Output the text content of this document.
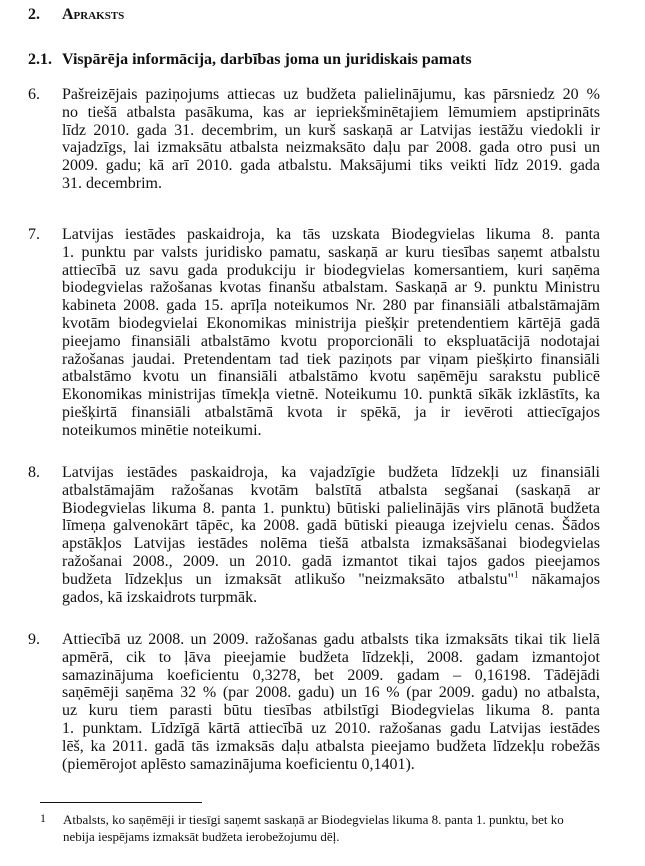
2. Apraksts
2.1. Vispārēja informācija, darbības joma un juridiskais pamats
6. Pašreizējais paziņojums attiecas uz budžeta palielinājumu, kas pārsniedz 20 %
no tiešā atbalsta pasākuma, kas ar iepriekšminētajiem lēmumiem apstiprināts
līdz 2010. gada 31. decembrim, un kurš saskaņā ar Latvijas iestāžu viedokli ir
vajadzīgs, lai izmaksātu atbalsta neizmaksāto daļu par 2008. gada otro pusi un
2009. gadu; kā arī 2010. gada atbalstu. Maksājumi tiks veikti līdz 2019. gada
31. decembrim.
7. Latvijas iestādes paskaidroja, ka tās uzskata Biodegvielas likuma 8. panta
1. punktu par valsts juridisko pamatu, saskaņā ar kuru tiesības saņemt atbalstu
attiecībā uz savu gada produkciju ir biodegvielas komersantiem, kuri saņēma
biodegvielas ražošanas kvotas finanšu atbalstam. Saskaņā ar 9. punktu Ministru
kabineta 2008. gada 15. aprīļa noteikumos Nr. 280 par finansiāli atbalstāmajām
kvotām biodegvielai Ekonomikas ministrija piešķir pretendentiem kārtējā gadā
pieejamo finansiāli atbalstāmo kvotu proporcionāli to ekspluatācijā nodotajai
ražošanas jaudai. Pretendentam tad tiek paziņots par viņam piešķirto finansiāli
atbalstāmo kvotu un finansiāli atbalstāmo kvotu saņēmēju sarakstu publicē
Ekonomikas ministrijas tīmekļa vietnē. Noteikumu 10. punktā sīkāk izklāstīts, ka
piešķirtā finansiāli atbalstāmā kvota ir spēkā, ja ir ievēroti attiecīgajos
noteikumos minētie noteikumi.
8. Latvijas iestādes paskaidroja, ka vajadzīgie budžeta līdzekļi uz finansiāli
atbalstāmajām ražošanas kvotām balstītā atbalsta segšanai (saskaņā ar
Biodegvielas likuma 8. panta 1. punktu) būtiski palielinājās virs plānotā budžeta
līmeņa galvenokārt tāpēc, ka 2008. gadā būtiski pieauga izejvielu cenas. Šādos
apstākļos Latvijas iestādes nolēma tiešā atbalsta izmaksāšanai biodegvielas
ražošanai 2008., 2009. un 2010. gadā izmantot tikai tajos gados pieejamos
budžeta līdzekļus un izmaksāt atlikušo "neizmaksāto atbalstu"$^1$ nākamajos
gados, kā izskaidrots turpmāk.
9. Attiecībā uz 2008. un 2009. ražošanas gadu atbalsts tika izmaksāts tikai tik lielā
apmērā, cik to ļāva pieejamie budžeta līdzekļi, 2008. gadam izmantojot
samazinājuma koeficientu 0,3278, bet 2009. gadam – 0,16198. Tādējādi
saņēmēji saņēma 32 % (par 2008. gadu) un 16 % (par 2009. gadu) no atbalsta,
uz kuru tiem parasti būtu tiesības atbilstīgi Biodegvielas likuma 8. panta
1. punktam. Līdzīgā kārtā attiecībā uz 2010. ražošanas gadu Latvijas iestādes
lēš, ka 2011. gadā tās izmaksās daļu atbalsta pieejamo budžeta līdzekļu robežās
(piemērojot aplēsto samazinājuma koeficientu 0,1401).
1 Atbalsts, ko saņēmēji ir tiesīgi saņemt saskaņā ar Biodegvielas likuma 8. panta 1. punktu, bet ko
nebija iespējams izmaksāt budžeta ierobežojumu dēļ.
